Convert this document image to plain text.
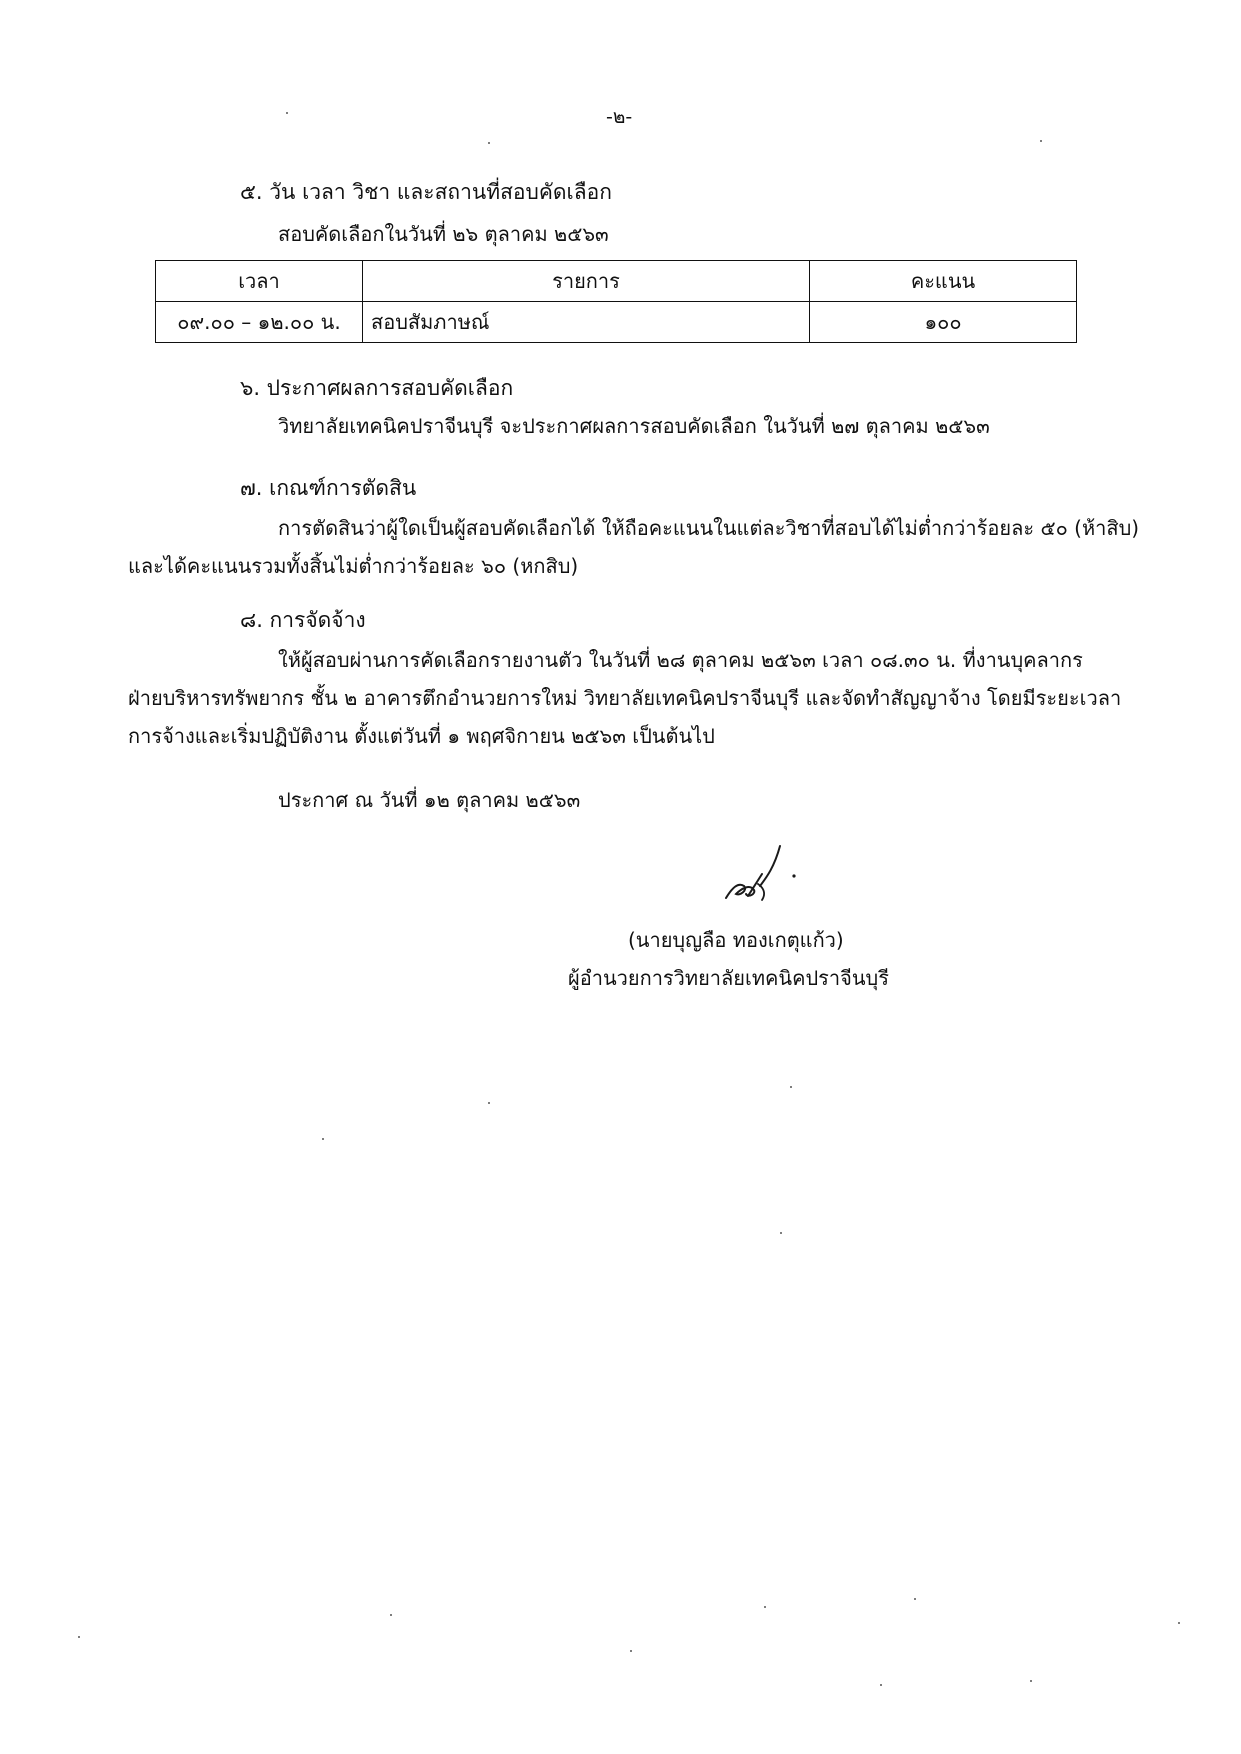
-๒-
๕. วัน เวลา วิชา และสถานที่สอบคัดเลือก
สอบคัดเลือกในวันที่ ๒๖ ตุลาคม ๒๕๖๓
เวลา	รายการ	คะแนน
๐๙.๐๐ – ๑๒.๐๐ น.	สอบสัมภาษณ์	๑๐๐
๖. ประกาศผลการสอบคัดเลือก
วิทยาลัยเทคนิคปราจีนบุรี จะประกาศผลการสอบคัดเลือก ในวันที่ ๒๗ ตุลาคม ๒๕๖๓
๗. เกณฑ์การตัดสิน
การตัดสินว่าผู้ใดเป็นผู้สอบคัดเลือกได้ ให้ถือคะแนนในแต่ละวิชาที่สอบได้ไม่ต่ำกว่าร้อยละ ๕๐ (ห้าสิบ)
และได้คะแนนรวมทั้งสิ้นไม่ต่ำกว่าร้อยละ ๖๐ (หกสิบ)
๘. การจัดจ้าง
ให้ผู้สอบผ่านการคัดเลือกรายงานตัว ในวันที่ ๒๘ ตุลาคม ๒๕๖๓ เวลา ๐๘.๓๐ น. ที่งานบุคลากร
ฝ่ายบริหารทรัพยากร ชั้น ๒ อาคารตึกอำนวยการใหม่ วิทยาลัยเทคนิคปราจีนบุรี และจัดทำสัญญาจ้าง โดยมีระยะเวลา
การจ้างและเริ่มปฏิบัติงาน ตั้งแต่วันที่ ๑ พฤศจิกายน ๒๕๖๓ เป็นต้นไป
ประกาศ ณ วันที่ ๑๒ ตุลาคม ๒๕๖๓
(นายบุญลือ ทองเกตุแก้ว)
ผู้อำนวยการวิทยาลัยเทคนิคปราจีนบุรี
